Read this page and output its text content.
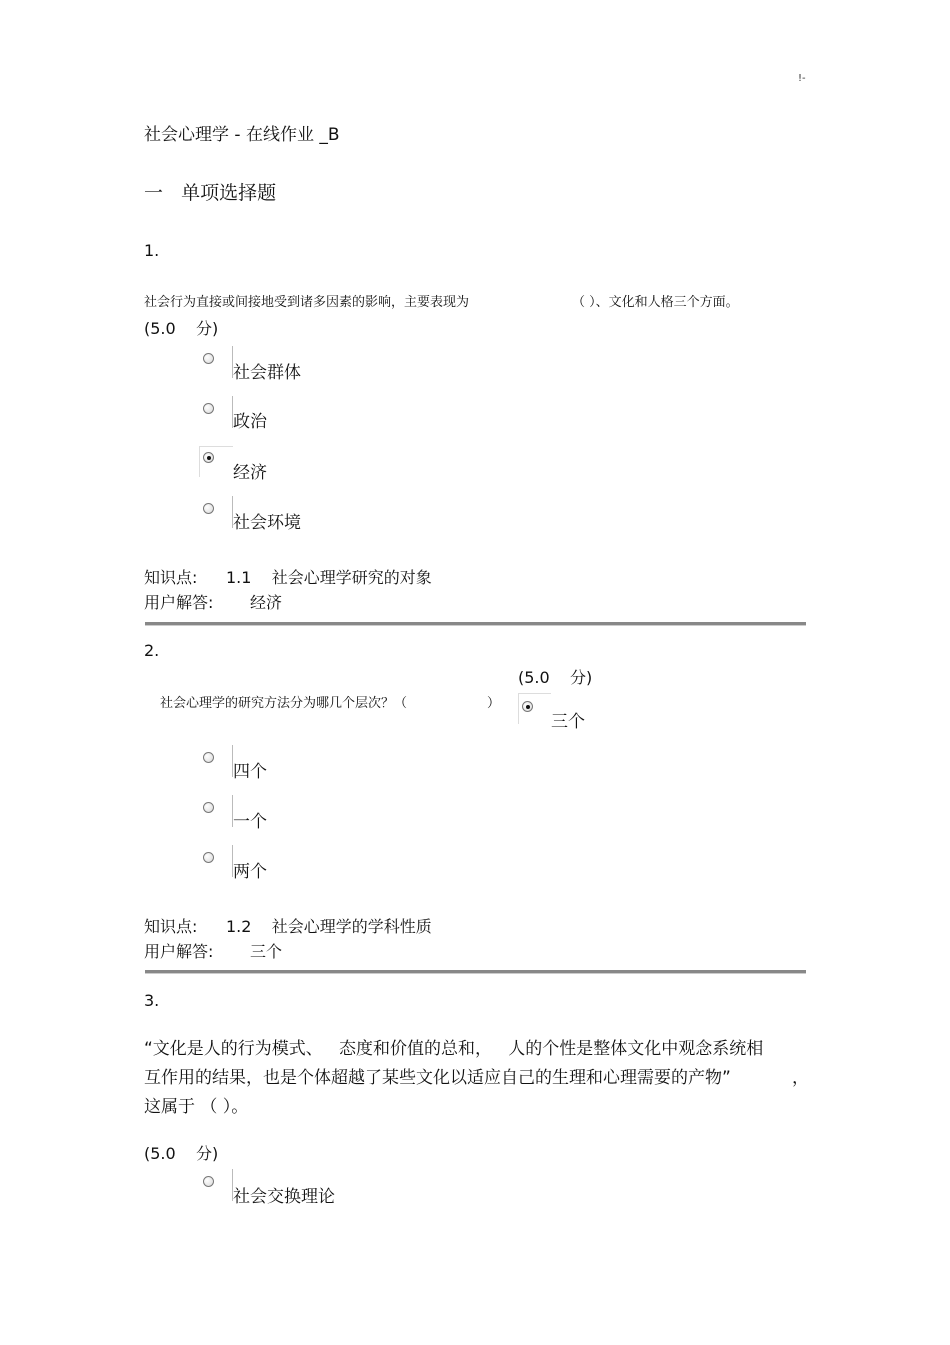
!-
社会心理学 - 在线作业 _B
一   单项选择题
1.
社会行为直接或间接地受到诸多因素的影响，主要表现为	（ ）、文化和人格三个方面。
(5.0    分)
社会群体
政治
经济
社会环境
知识点: 1.1    社会心理学研究的对象
用户解答: 经济
2.
(5.0    分)
社会心理学的研究方法分为哪几个层次？（	）
三个
四个
一个
两个
知识点: 1.2    社会心理学的学科性质
用户解答: 三个
3.
“文化是人的行为模式、   态度和价值的总和，   人的个性是整体文化中观念系统相
互作用的结果，也是个体超越了某些文化以适应自己的生理和心理需要的产物”	，
这属于 （ ）。
(5.0    分)
社会交换理论
